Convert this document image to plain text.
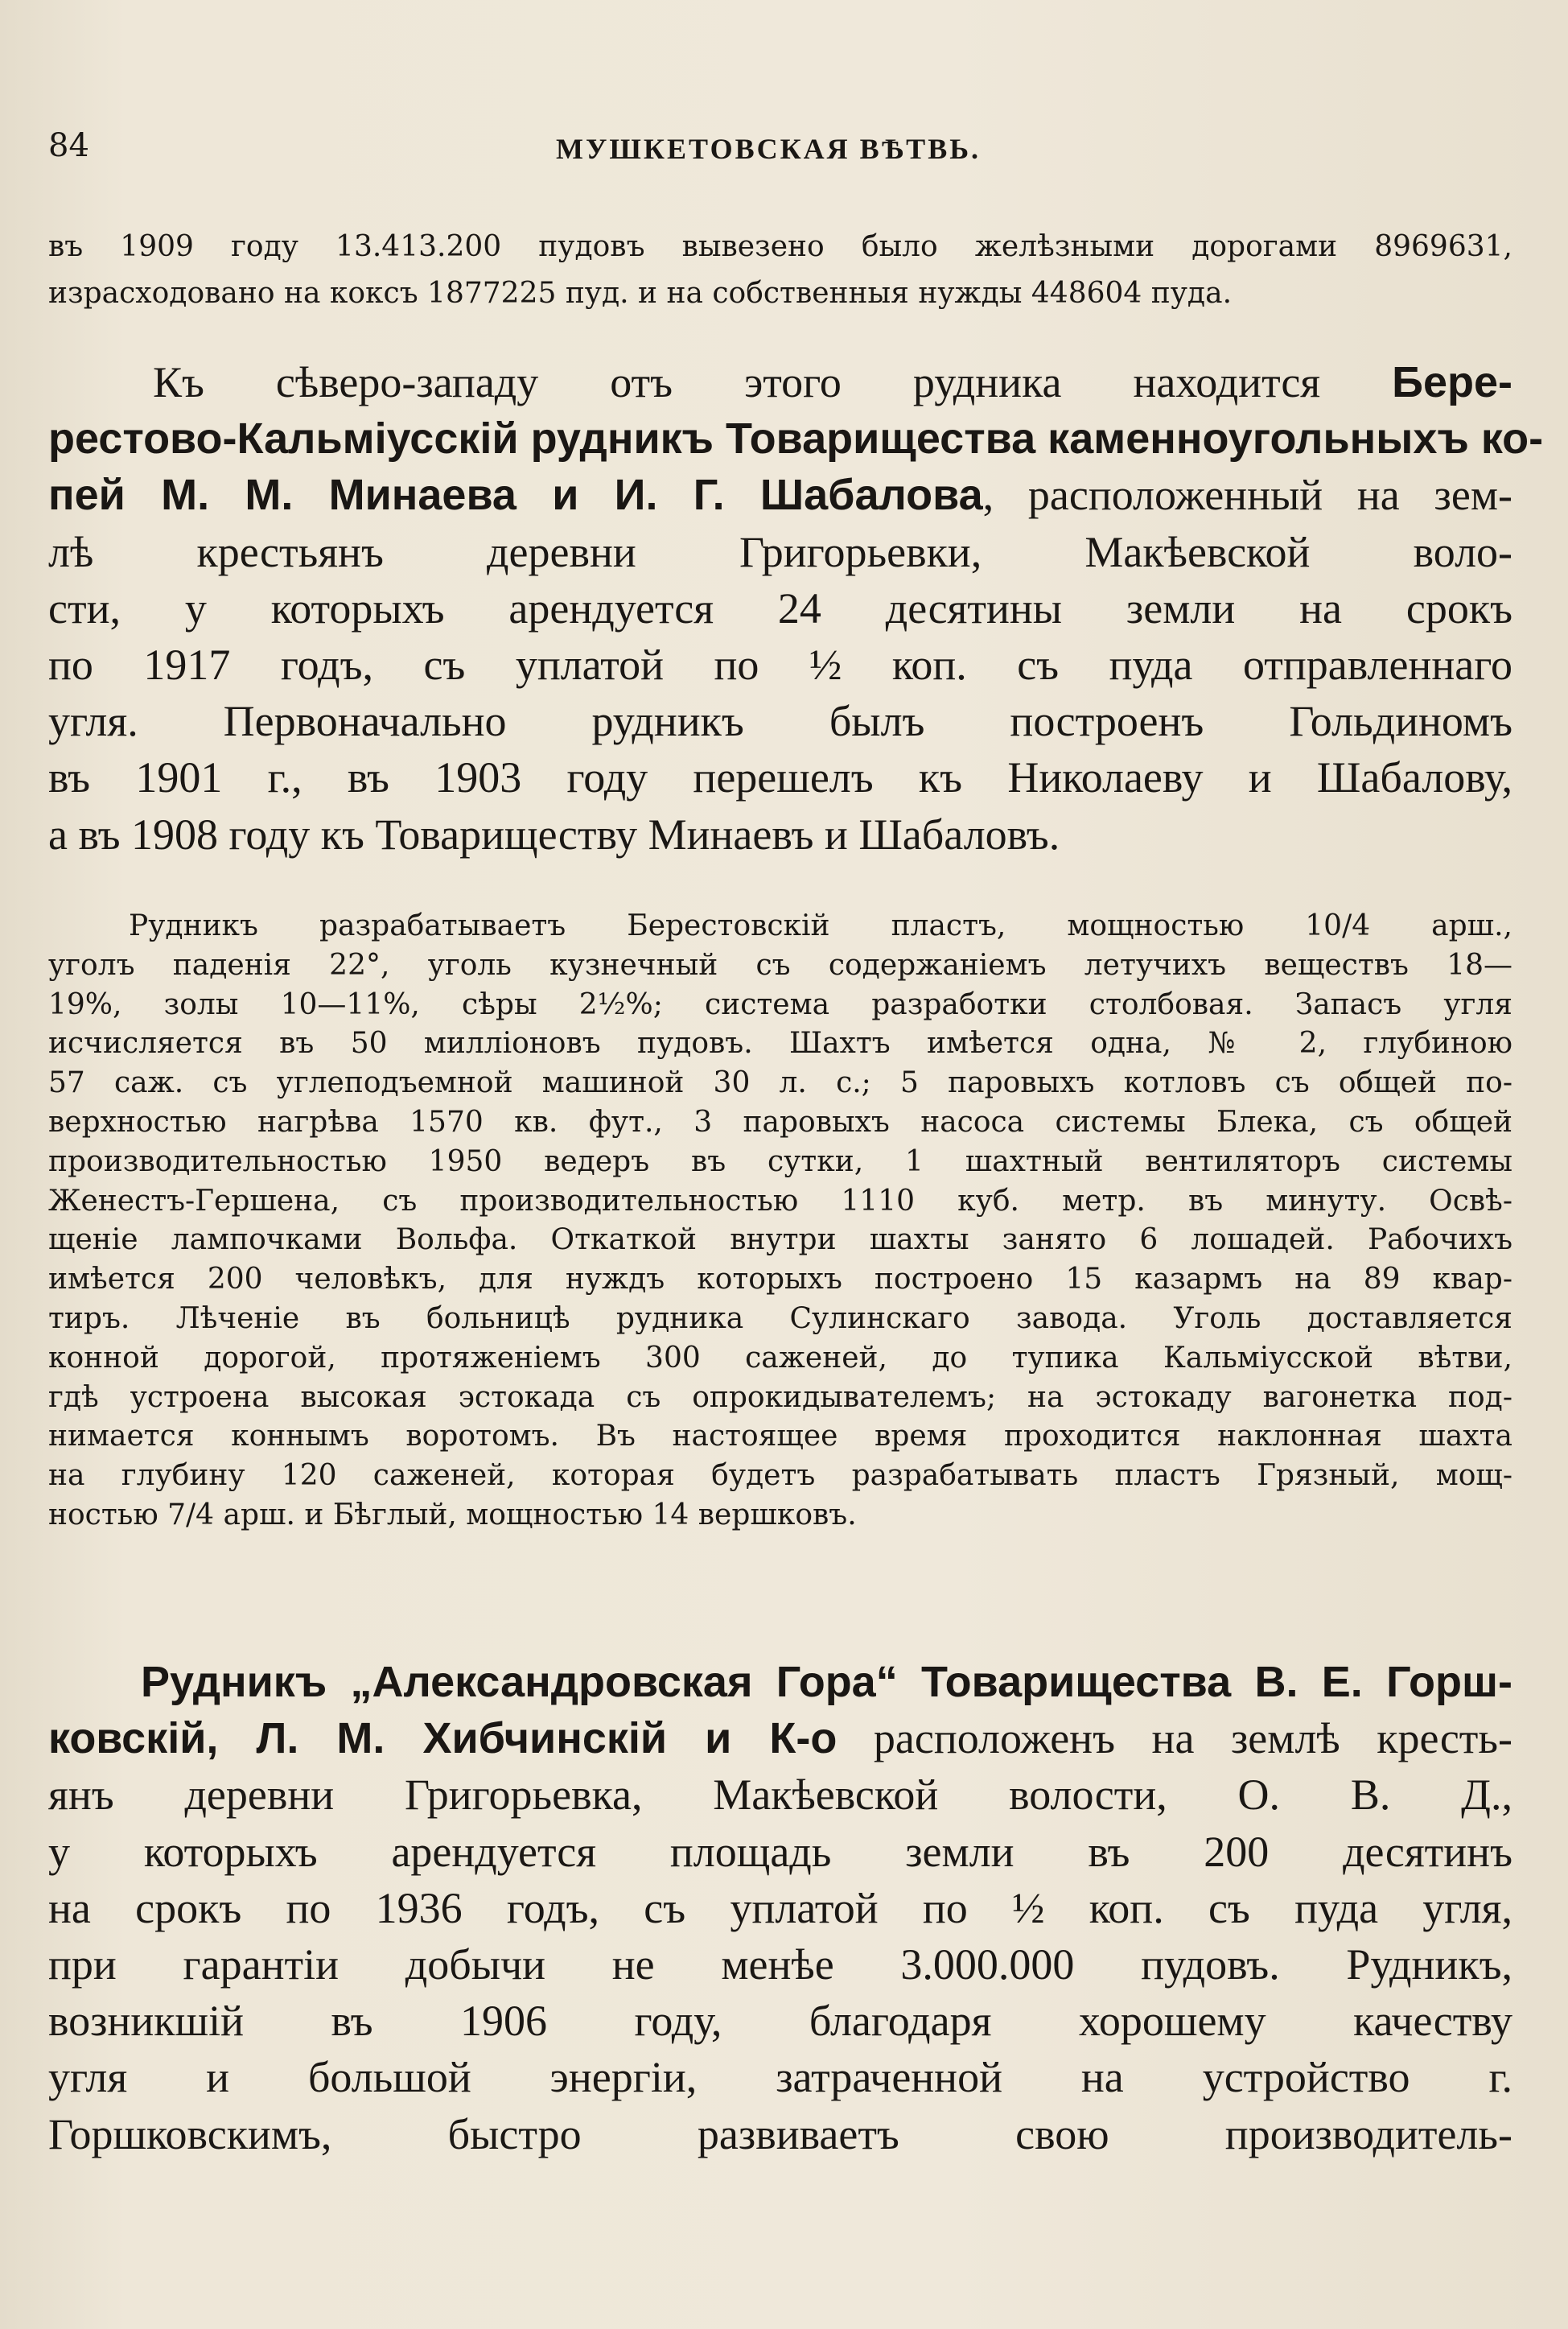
84	МУШКЕТОВСКАЯ ВѢТВЬ.
въ 1909 году 13.413.200 пудовъ вывезено было желѣзными дорогами 8969631,
израсходовано на коксъ 1877225 пуд. и на собственныя нужды 448604 пуда.
Къ сѣверо-западу отъ этого рудника находится Бере-
рестово-Кальміусскій рудникъ Товарищества каменноугольныхъ ко-
пей М. М. Минаева и И. Г. Шабалова, расположенный на зем-
лѣ крестьянъ деревни Григорьевки, Макѣевской воло-
сти, у которыхъ арендуется 24 десятины земли на срокъ
по 1917 годъ, съ уплатой по ½ коп. съ пуда отправленнаго
угля. Первоначально рудникъ былъ построенъ Гольдиномъ
въ 1901 г., въ 1903 году перешелъ къ Николаеву и Шабалову,
а въ 1908 году къ Товариществу Минаевъ и Шабаловъ.
Рудникъ разрабатываетъ Берестовскій пластъ, мощностью 10/4 арш.,
уголъ паденія 22°, уголь кузнечный съ содержаніемъ летучихъ веществъ 18—
19%, золы 10—11%, сѣры 2½%; система разработки столбовая. Запасъ угля
исчисляется въ 50 милліоновъ пудовъ. Шахтъ имѣется одна, № 2, глубиною
57 саж. съ углеподъемной машиной 30 л. с.; 5 паровыхъ котловъ съ общей по-
верхностью нагрѣва 1570 кв. фут., 3 паровыхъ насоса системы Блека, съ общей
производительностью 1950 ведеръ въ сутки, 1 шахтный вентиляторъ системы
Женестъ-Гершена, съ производительностью 1110 куб. метр. въ минуту. Освѣ-
щеніе лампочками Вольфа. Откаткой внутри шахты занято 6 лошадей. Рабочихъ
имѣется 200 человѣкъ, для нуждъ которыхъ построено 15 казармъ на 89 квар-
тиръ. Лѣченіе въ больницѣ рудника Сулинскаго завода. Уголь доставляется
конной дорогой, протяженіемъ 300 саженей, до тупика Кальміусской вѣтви,
гдѣ устроена высокая эстокада съ опрокидывателемъ; на эстокаду вагонетка под-
нимается коннымъ воротомъ. Въ настоящее время проходится наклонная шахта
на глубину 120 саженей, которая будетъ разрабатывать пластъ Грязный, мощ-
ностью 7/4 арш. и Бѣглый, мощностью 14 вершковъ.
Рудникъ „Александровская Гора“ Товарищества В. Е. Горш-
ковскій, Л. М. Хибчинскій и К-о расположенъ на землѣ кресть-
янъ деревни Григорьевка, Макѣевской волости, О. В. Д.,
у которыхъ арендуется площадь земли въ 200 десятинъ
на срокъ по 1936 годъ, съ уплатой по ½ коп. съ пуда угля,
при гарантіи добычи не менѣе 3.000.000 пудовъ. Рудникъ,
возникшій въ 1906 году, благодаря хорошему качеству
угля и большой энергіи, затраченной на устройство г.
Горшковскимъ, быстро развиваетъ свою производитель-
